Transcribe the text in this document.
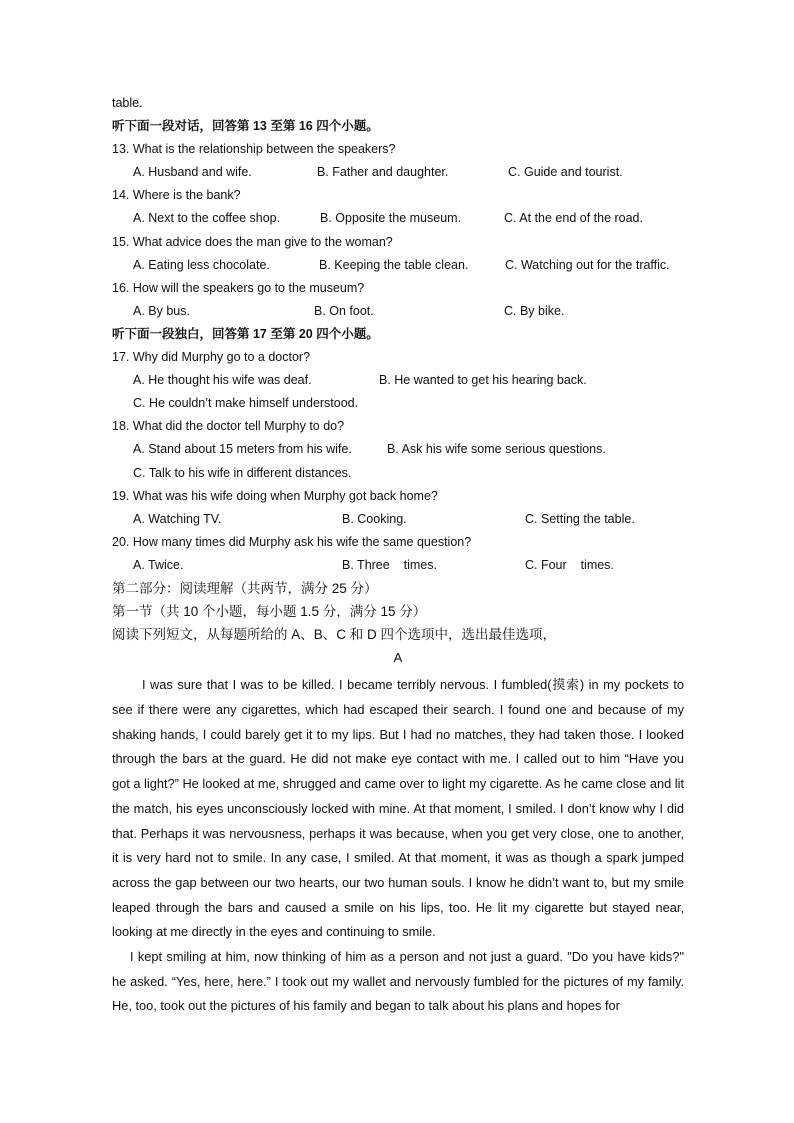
table.
听下面一段对话，回答第 13 至第 16 四个小题。
13. What is the relationship between the speakers?
A. Husband and wife.	B. Father and daughter.	C. Guide and tourist.
14. Where is the bank?
A. Next to the coffee shop.	B. Opposite the museum.	C. At the end of the road.
15. What advice does the man give to the woman?
A. Eating less chocolate.	B. Keeping the table clean.	C. Watching out for the traffic.
16. How will the speakers go to the museum?
A. By bus.	B. On foot.	C. By bike.
听下面一段独白，回答第 17 至第 20 四个小题。
17. Why did Murphy go to a doctor?
A. He thought his wife was deaf.	B. He wanted to get his hearing back.
C. He couldn’t make himself understood.
18. What did the doctor tell Murphy to do?
A. Stand about 15 meters from his wife.	B. Ask his wife some serious questions.
C. Talk to his wife in different distances.
19. What was his wife doing when Murphy got back home?
A. Watching TV.	B. Cooking.	C. Setting the table.
20. How many times did Murphy ask his wife the same question?
A. Twice.	B. Three    times.	C. Four    times.
第二部分：阅读理解（共两节，满分 25 分）
第一节（共 10 个小题，每小题 1.5 分，满分 15 分）
阅读下列短文，从每题所给的 A、B、C 和 D 四个选项中，选出最佳选项，
A

I was sure that I was to be killed. I became terribly nervous. I fumbled(摸索) in my pockets to see if there were any cigarettes, which had escaped their search. I found one and because of my shaking hands, I could barely get it to my lips. But I had no matches, they had taken those. I looked through the bars at the guard. He did not make eye contact with me. I called out to him “Have you got a light?” He looked at me, shrugged and came over to light my cigarette. As he came close and lit the match, his eyes unconsciously locked with mine. At that moment, I smiled. I don’t know why I did that. Perhaps it was nervousness, perhaps it was because, when you get very close, one to another, it is very hard not to smile. In any case, I smiled. At that moment, it was as though a spark jumped across the gap between our two hearts, our two human souls. I know he didn’t want to, but my smile leaped through the bars and caused a smile on his lips, too. He lit my cigarette but stayed near, looking at me directly in the eyes and continuing to smile.

I kept smiling at him, now thinking of him as a person and not just a guard. "Do you have kids?" he asked. “Yes, here, here.” I took out my wallet and nervously fumbled for the pictures of my family. He, too, took out the pictures of his family and began to talk about his plans and hopes for
